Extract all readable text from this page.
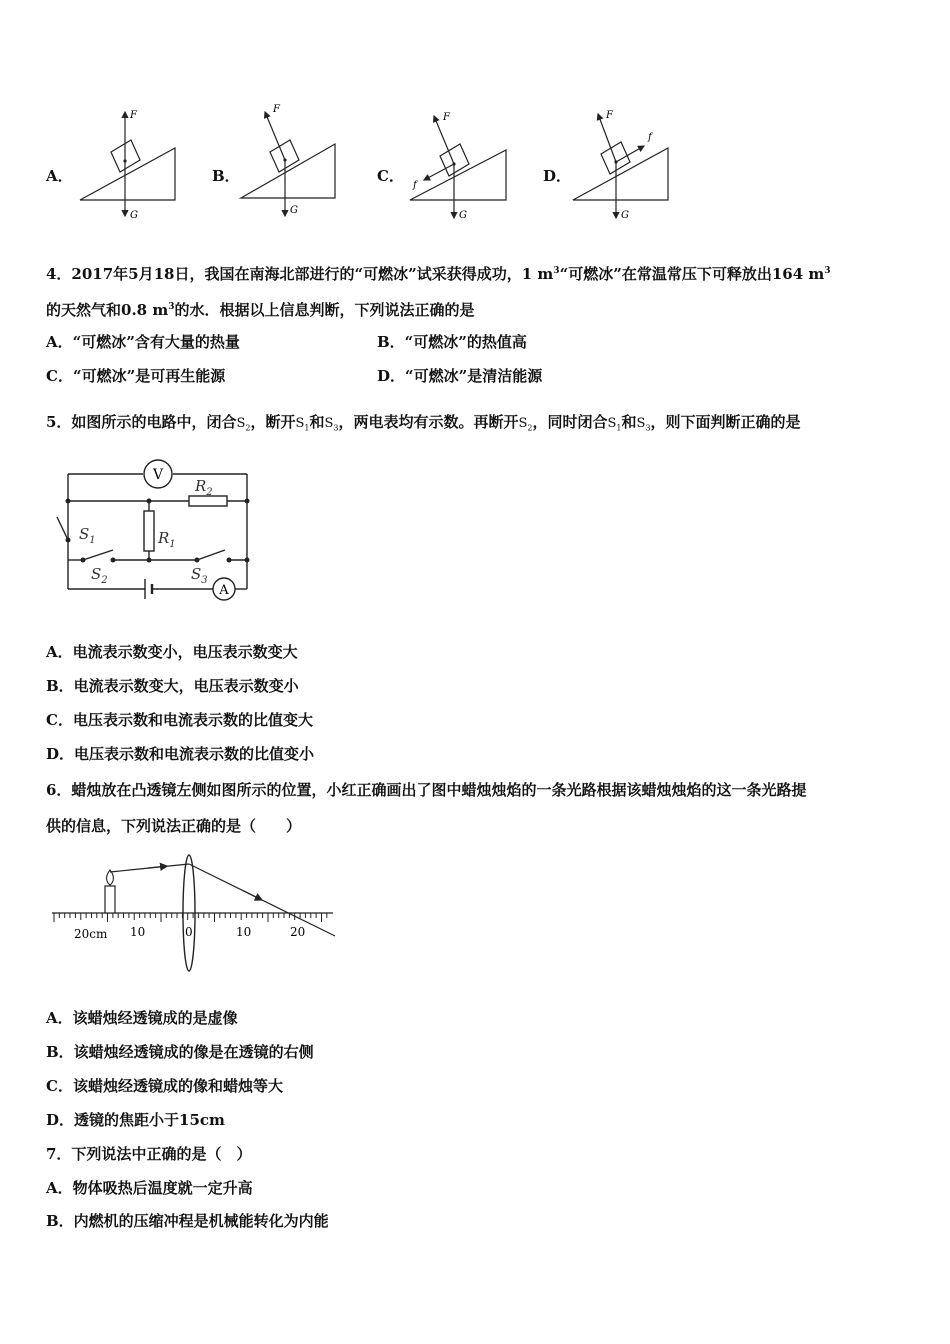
A．	B．	C．	D．
F
G
F
G
F
G
f
F
G
f
4．2017年5月18日，我国在南海北部进行的“可燃冰”试采获得成功，1 $m^3“$可燃冰”在常温常压下可释放出164 $m^3$
的天然气和0.8 $m^3$的水．根据以上信息判断，下列说法正确的是
A．“可燃冰”含有大量的热量	B．“可燃冰”的热值高
C．“可燃冰”是可再生能源	D．“可燃冰”是清洁能源
5．如图所示的电路中，闭合$S_2$，断开$S_1$和$S_3$，两电表均有示数。再断开$S_2$，同时闭合$S_1$和$S_3$，则下面判断正确的是
V
A
$R_2$
$R_1$
$S_1$
$S_2$	$S_3$
A．电流表示数变小，电压表示数变大
B．电流表示数变大，电压表示数变小
C．电压表示数和电流表示数的比值变大
D．电压表示数和电流表示数的比值变小
6．蜡烛放在凸透镜左侧如图所示的位置，小红正确画出了图中蜡烛烛焰的一条光路根据该蜡烛烛焰的这一条光路提
供的信息，下列说法正确的是（　　）
20cm 10	0	10	20
A．该蜡烛经透镜成的是虚像
B．该蜡烛经透镜成的像是在透镜的右侧
C．该蜡烛经透镜成的像和蜡烛等大
D．透镜的焦距小于15cm
7．下列说法中正确的是（　）
A．物体吸热后温度就一定升高
B．内燃机的压缩冲程是机械能转化为内能
